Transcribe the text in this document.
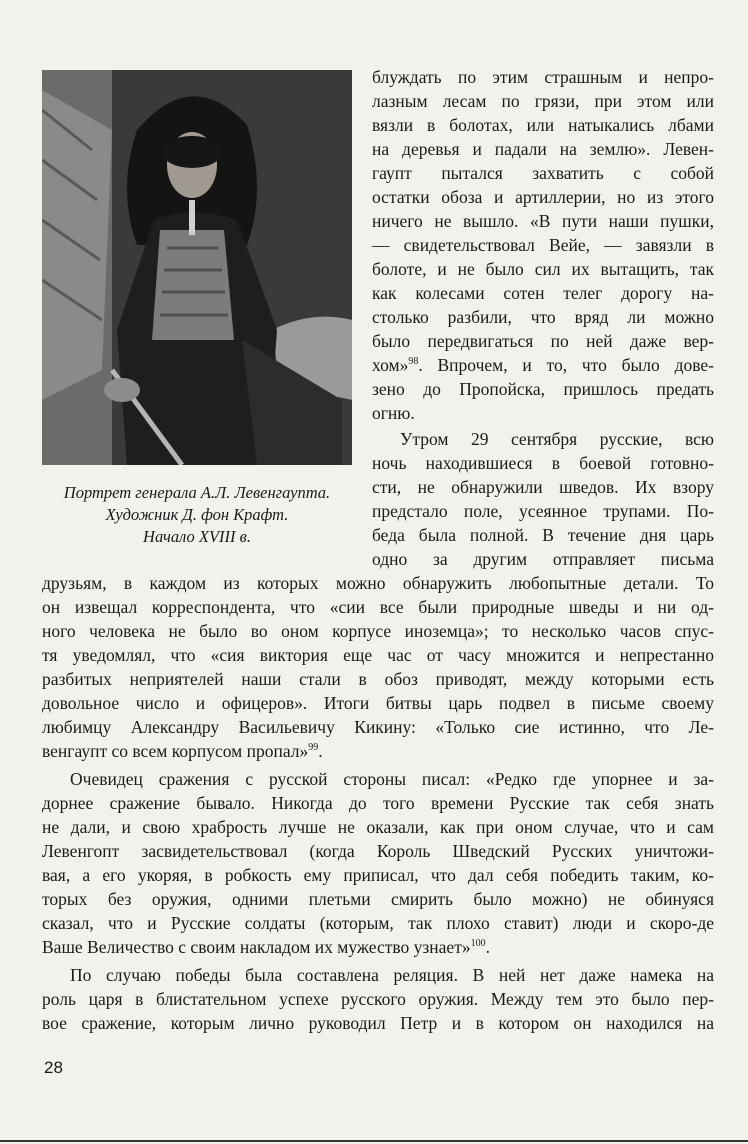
Портрет генерала А.Л. Левенгаупта.
Художник Д. фон Крафт.
Начало XVIII в.
блуждать по этим страшным и непро-
лазным лесам по грязи, при этом или
вязли в болотах, или натыкались лбами
на деревья и падали на землю». Левен-
гаупт пытался захватить с собой
остатки обоза и артиллерии, но из этого
ничего не вышло. «В пути наши пушки,
— свидетельствовал Вейе, — завязли в
болоте, и не было сил их вытащить, так
как колесами сотен телег дорогу на-
столько разбили, что вряд ли можно
было передвигаться по ней даже вер-
хом»$^{98}$. Впрочем, и то, что было дове-
зено до Пропойска, пришлось предать
огню.
Утром 29 сентября русские, всю
ночь находившиеся в боевой готовно-
сти, не обнаружили шведов. Их взору
предстало поле, усеянное трупами. По-
беда была полной. В течение дня царь
одно за другим отправляет письма
друзьям, в каждом из которых можно обнаружить любопытные детали. То
он извещал корреспондента, что «сии все были природные шведы и ни од-
ного человека не было во оном корпусе иноземца»; то несколько часов спус-
тя уведомлял, что «сия виктория еще час от часу множится и непрестанно
разбитых неприятелей наши стали в обоз приводят, между которыми есть
довольное число и офицеров». Итоги битвы царь подвел в письме своему
любимцу Александру Васильевичу Кикину: «Только сие истинно, что Ле-
венгаупт со всем корпусом пропал»$^{99}$.
Очевидец сражения с русской стороны писал: «Редко где упорнее и за-
дорнее сражение бывало. Никогда до того времени Русские так себя знать
не дали, и свою храбрость лучше не оказали, как при оном случае, что и сам
Левенгопт засвидетельствовал (когда Король Шведский Русских уничтожи-
вая, а его укоряя, в робкость ему приписал, что дал себя победить таким, ко-
торых без оружия, одними плетьми смирить было можно) не обинуяся
сказал, что и Русские солдаты (которым, так плохо ставит) люди и скоро-де
Ваше Величество с своим накладом их мужество узнает»$^{100}$.
По случаю победы была составлена реляция. В ней нет даже намека на
роль царя в блистательном успехе русского оружия. Между тем это было пер-
вое сражение, которым лично руководил Петр и в котором он находился на
28
